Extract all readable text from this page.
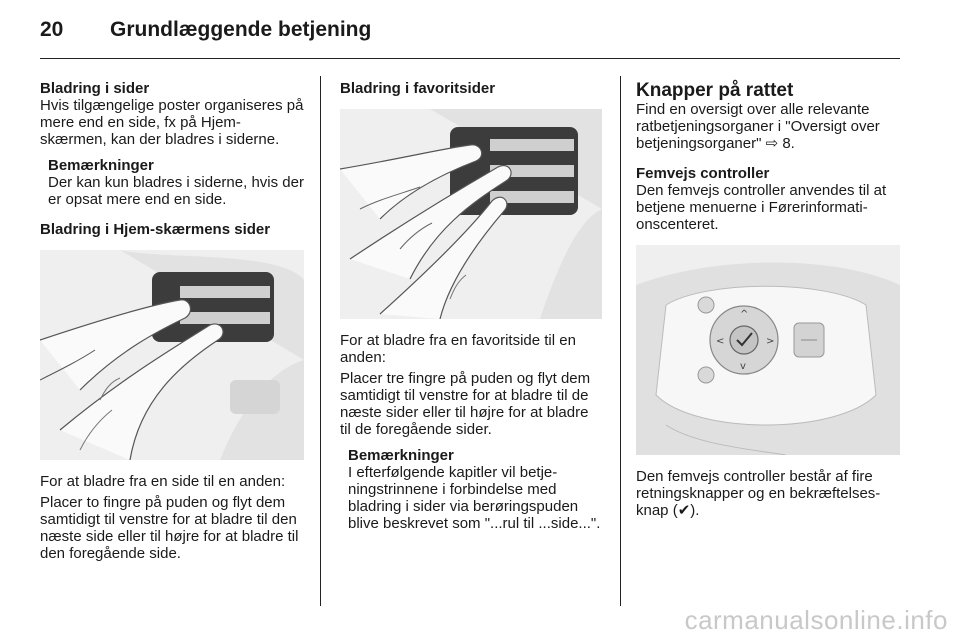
20 Grundlæggende betjening

Bladring i sider

Hvis tilgængelige poster organiseres på mere end en side, fx på Hjem-skærmen, kan der bladres i siderne.

Bemærkninger

Der kan kun bladres i siderne, hvis der er opsat mere end en side.

Bladring i Hjem-skærmens sider

For at bladre fra en side til en anden:

Placer to fingre på puden og flyt dem samtidigt til venstre for at bladre til den næste side eller til højre for at bladre til den foregående side.

Bladring i favoritsider

For at bladre fra en favoritside til en anden:

Placer tre fingre på puden og flyt dem samtidigt til venstre for at bladre til de næste sider eller til højre for at bladre til de foregående sider.

Bemærkninger

I efterfølgende kapitler vil betje-ningstrinnene i forbindelse med bladring i sider via berøringspuden blive beskrevet som "...rul til ...side...".

Knapper på rattet

Find en oversigt over alle relevante ratbetjeningsorganer i "Oversigt over betjeningsorganer" ⇨ 8.

Femvejs controller

Den femvejs controller anvendes til at betjene menuerne i Førerinformati-onscenteret.

^
<	>
v

Den femvejs controller består af fire retningsknapper og en bekræftelses-knap (✔).

carmanualsonline.info
